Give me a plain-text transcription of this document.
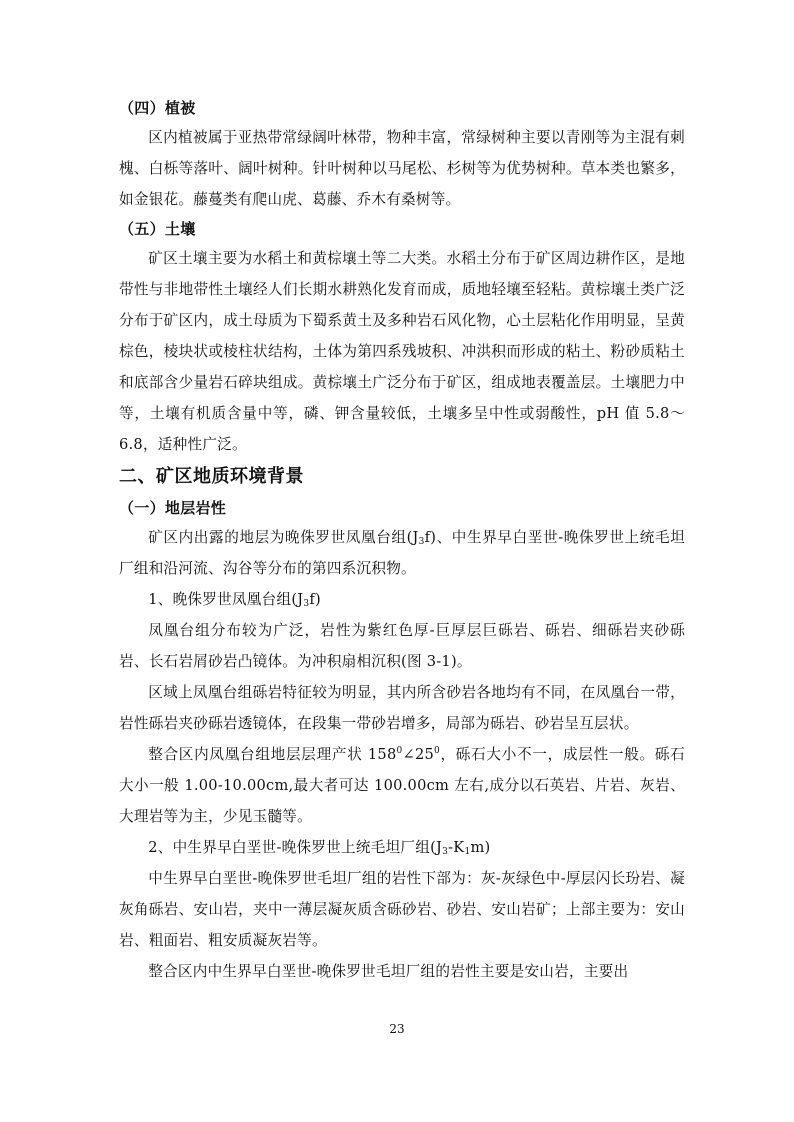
（四）植被

区内植被属于亚热带常绿阔叶林带，物种丰富，常绿树种主要以青刚等为主混有刺槐、白栎等落叶、阔叶树种。针叶树种以马尾松、杉树等为优势树种。草本类也繁多，如金银花。藤蔓类有爬山虎、葛藤、乔木有桑树等。

（五）土壤

矿区土壤主要为水稻土和黄棕壤土等二大类。水稻土分布于矿区周边耕作区，是地带性与非地带性土壤经人们长期水耕熟化发育而成，质地轻壤至轻粘。黄棕壤土类广泛分布于矿区内，成土母质为下蜀系黄土及多种岩石风化物，心土层粘化作用明显，呈黄棕色，棱块状或棱柱状结构，土体为第四系残坡积、冲洪积而形成的粘土、粉砂质粘土和底部含少量岩石碎块组成。黄棕壤土广泛分布于矿区，组成地表覆盖层。土壤肥力中等，土壤有机质含量中等，磷、钾含量较低，土壤多呈中性或弱酸性，pH 值 5.8～6.8，适种性广泛。

二、矿区地质环境背景
（一）地层岩性

矿区内出露的地层为晚侏罗世凤凰台组$(J_3f)$、中生界早白垩世-晚侏罗世上统毛坦厂组和沿河流、沟谷等分布的第四系沉积物。

1、晚侏罗世凤凰台组$(J_3f)$

凤凰台组分布较为广泛，岩性为紫红色厚-巨厚层巨砾岩、砾岩、细砾岩夹砂砾岩、长石岩屑砂岩凸镜体。为冲积扇相沉积(图 3-1)。

区域上凤凰台组砾岩特征较为明显，其内所含砂岩各地均有不同，在凤凰台一带，岩性砾岩夹砂砾岩透镜体，在段集一带砂岩增多，局部为砾岩、砂岩呈互层状。

整合区内凤凰台组地层层理产状 $158^0\angle 25^0$，砾石大小不一，成层性一般。砾石大小一般 1.00-10.00cm,最大者可达 100.00cm 左右,成分以石英岩、片岩、灰岩、大理岩等为主，少见玉髓等。

2、中生界早白垩世-晚侏罗世上统毛坦厂组$(J_3-K_1m)$

中生界早白垩世-晚侏罗世毛坦厂组的岩性下部为：灰-灰绿色中-厚层闪长玢岩、凝灰角砾岩、安山岩，夹中一薄层凝灰质含砾砂岩、砂岩、安山岩矿；上部主要为：安山岩、粗面岩、粗安质凝灰岩等。

整合区内中生界早白垩世-晚侏罗世毛坦厂组的岩性主要是安山岩，主要出

23
